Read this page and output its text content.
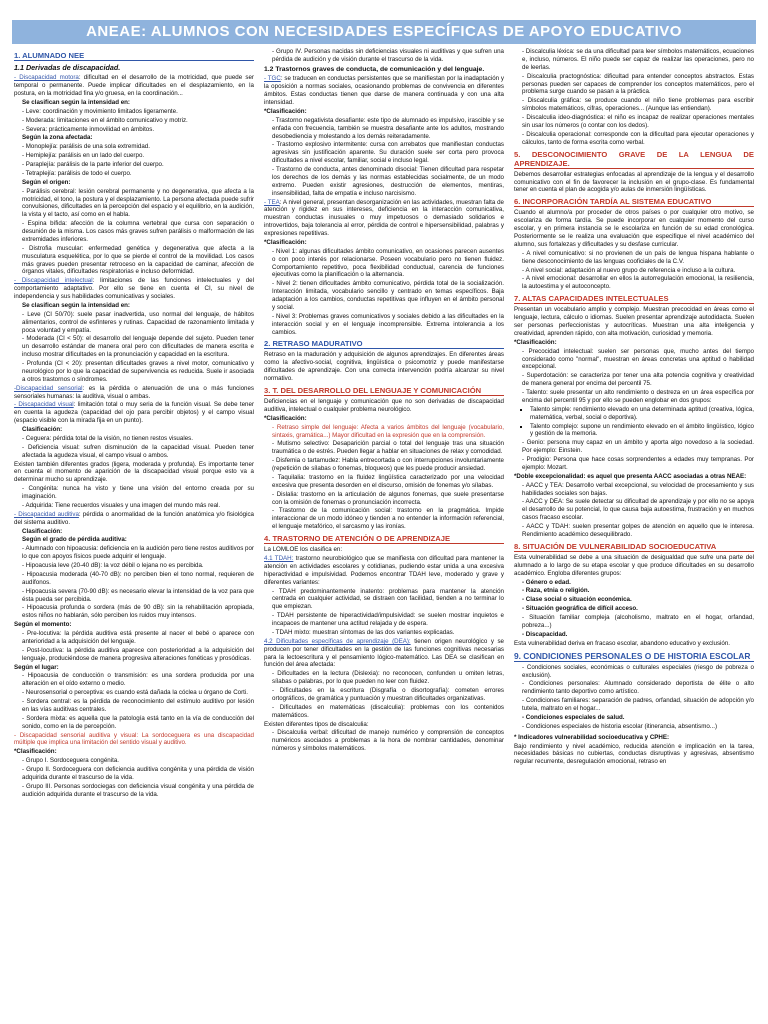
ANEAE: ALUMNOS CON NECESIDADES ESPECÍFICAS DE APOYO EDUCATIVO
1. ALUMNADO NEE
1.1 Derivadas de discapacidad.

- Discapacidad motora: dificultad en el desarrollo de la motricidad, que puede ser temporal o permanente. Puede implicar dificultades en el desplazamiento, en la postura, en la motricidad fina y/o gruesa, en la coordinación...

▪ Se clasifican según la intensidad en:
- Leve: coordinación y movimiento limitados ligeramente.
- Moderada: limitaciones en el ámbito comunicativo y motriz.
- Severa: prácticamente inmovilidad en ámbitos.
▪ Según la zona afectada:
- Monoplejía: parálisis de una sola extremidad.
- Hemiplejía: parálisis en un lado del cuerpo.
- Paraplejía: parálisis de la parte inferior del cuerpo.
- Tetraplejía: parálisis de todo el cuerpo.
▪ Según el origen:
- Parálisis cerebral: lesión cerebral permanente y no degenerativa, que afecta a la motricidad, el tono, la postura y el desplazamiento. La persona afectada puede sufrir convulsiones, dificultades en la percepción del espacio y el equilibrio, en la audición, la vista y el tacto, así como en el habla.
- Espina bífida: afección de la columna vertebral que cursa con separación o desunión de la misma. Los casos más graves sufren parálisis o malformación de las extremidades inferiores.
- Distrofia muscular: enfermedad genética y degenerativa que afecta a la musculatura esquelética, por lo que se pierde el control de la movilidad. Los casos más graves pueden presentar retroceso en la capacidad de caminar, afección de órganos vitales, dificultades respiratorias e incluso deformidad.

- Discapacidad intelectual: limitaciones de las funciones intelectuales y del comportamiento adaptativo. Por ello se tiene en cuenta el CI, su nivel de independencia y sus habilidades comunicativas y sociales.

▪ Se clasifican según la intensidad en:
- Leve (CI 50/70): suele pasar inadvertida, uso normal del lenguaje, de hábitos alimentarios, control de esfínteres y rutinas. Capacidad de razonamiento limitada y poca voluntad y empatía.
- Moderada (CI < 50): el desarrollo del lenguaje depende del sujeto. Pueden tener un desarrollo estándar de manera oral pero con dificultades de manera escrita e incluso mostrar dificultades en la pronunciación y capacidad en la escritura.
- Profunda (CI < 20): presentan dificultades graves a nivel motor, comunicativo y neurológico por lo que la capacidad de supervivencia es reducida. Suele ir asociada a otros trastornos o síndromes.

-Discapacidad sensorial: es la pérdida o atenuación de una o más funciones sensoriales humanas: la auditiva, visual o ambas.

- Discapacidad visual: limitación total o muy seria de la función visual. Se debe tener en cuenta la agudeza (capacidad del ojo para percibir objetos) y el campo visual (espacio visible con la mirada fija en un punto).

▪ Clasificación:
- Ceguera: pérdida total de la visión, no tienen restos visuales.
- Deficiencia visual: sufren disminución de la capacidad visual. Pueden tener afectada la agudeza visual, el campo visual o ambos.

Existen también diferentes grados (ligera, moderada y profunda). Es importante tener en cuenta el momento de aparición de la discapacidad visual porque esto va a determinar mucho su aprendizaje.

- Congénita: nunca ha visto y tiene una visión del entorno creada por su imaginación.
- Adquirida: Tiene recuerdos visuales y una imagen del mundo más real.

- Discapacidad auditiva: pérdida o anormalidad de la función anatómica y/o fisiológica del sistema auditivo.

▪ Clasificación:
▪ Según el grado de pérdida auditiva:
- Alumnado con hipoacusia: deficiencia en la audición pero tiene restos auditivos por lo que con apoyos físicos puede adquirir el lenguaje.
- Hipoacusia leve (20-40 dB): la voz débil o lejana no es percibida.
- Hipoacusia moderada (40-70 dB): no perciben bien el tono normal, requieren de audífonos.
- Hipoacusia severa (70-90 dB): es necesario elevar la intensidad de la voz para que ésta pueda ser percibida.
- Hipoacusia profunda o sordera (más de 90 dB): sin la rehabilitación apropiada, estos niños no hablarán, sólo perciben los ruidos muy intensos.

Según el momento:

- Pre-locutiva: la pérdida auditiva está presente al nacer el bebé o aparece con anterioridad a la adquisición del lenguaje.
- Post-locutiva: la pérdida auditiva aparece con posterioridad a la adquisición del lenguaje, produciéndose de manera progresiva alteraciones fonéticas y prosódicas.

Según el lugar:

- Hipoacusia de conducción o transmisión: es una sordera producida por una alteración en el oído externo o medio.
- Neurosensorial o perceptiva: es cuando está dañada la cóclea u órgano de Corti.
- Sordera central: es la pérdida de reconocimiento del estímulo auditivo por lesión en las vías auditivas centrales.
- Sordera mixta: es aquella que la patología está tanto en la vía de conducción del sonido, como en la de percepción.

- Discapacidad sensorial auditiva y visual: La sordoceguera es una discapacidad múltiple que implica una limitación del sentido visual y auditivo.

*Clasificación:

- Grupo I. Sordoceguera congénita.
- Grupo II. Sordoceguera con deficiencia auditiva congénita y una pérdida de visión adquirida durante el trascurso de la vida.
- Grupo III. Personas sordociegas con deficiencia visual congénita y una pérdida de audición adquirida durante el trascurso de la vida.
- Grupo IV. Personas nacidas sin deficiencias visuales ni auditivas y que sufren una pérdida de audición y de visión durante el trascurso de la vida.
1.2 Trastornos graves de conducta, de comunicación y del lenguaje.

- TGC: se traducen en conductas persistentes que se manifiestan por la inadaptación y la oposición a normas sociales, ocasionando problemas de convivencia en diferentes ámbitos. Estas conductas tienen que darse de manera continuada y con una alta intensidad.

*Clasificación:

- Trastorno negativista desafiante: este tipo de alumnado es impulsivo, irascible y se enfada con frecuencia, también se muestra desafiante ante los adultos, mostrando desobediencia y molestando a los demás reiteradamente.
- Trastorno explosivo intermitente: cursa con arrebatos que manifiestan conductas agresivas sin justificación aparente. Su duración suele ser corta pero provoca dificultades a nivel escolar, familiar, social e incluso legal.
- Trastorno de conducta, antes denominado disocial: Tienen dificultad para respetar los derechos de los demás y las normas establecidas socialmente, de un modo extremo. Pueden existir agresiones, destrucción de elementos, mentiras, insensibilidad, falta de empatía e incluso narcisismo.

- TEA: A nivel general, presentan desorganización en las actividades, muestran falta de atención y rigidez en sus intereses, deficiencia en la interacción comunicativa, muestran conductas inusuales o muy impetuosos o demasiado solidarios e introvertidos, baja tolerancia al error, pérdida de control e hipersensibilidad, palabras y expresiones repetitivas.

*Clasificación:

- Nivel 1: algunas dificultades ámbito comunicativo, en ocasiones parecen ausentes o con poco interés por relacionarse. Poseen vocabulario pero no tienen fluidez. Comportamiento repetitivo, poca flexibilidad conductual, carencia de funciones ejecutivas como la planificación o la alternancia.
- Nivel 2: tienen dificultades ámbito comunicativo, pérdida total de la socialización. Interacción limitada, vocabulario sencillo y centrado en temas específicos. Baja adaptación a los cambios, conductas repetitivas que influyen en el ámbito personal y social.
- Nivel 3: Problemas graves comunicativos y sociales debido a las dificultades en la interacción social y en el lenguaje incomprensible. Extrema intolerancia a los cambios.
2. RETRASO MADURATIVO

Retraso en la maduración y adquisición de algunos aprendizajes. En diferentes áreas como la afectivo-social, cognitiva, lingüística o psicomotriz y puede manifestarse dificultades de aprendizaje. Con una correcta intervención podría alcanzar su nivel normativo.

3. T. DEL DESARROLLO DEL LENGUAJE Y COMUNICACIÓN

Deficiencias en el lenguaje y comunicación que no son derivadas de discapacidad auditiva, intelectual o cualquier problema neurológico.

*Clasificación:

- Retraso simple del lenguaje: Afecta a varios ámbitos del lenguaje (vocabulario, sintaxis, gramática...) Mayor dificultad en la expresión que en la comprensión.
- Mutismo selectivo: Desaparición parcial o total del lenguaje tras una situación traumática o de estrés. Pueden llegar a hablar en situaciones de relax y comodidad.
- Disfemia o tartamudez: Habla entrecortada o con interrupciones involuntariamente (repetición de sílabas o fonemas, bloqueos) que les puede producir ansiedad.
- Taquilalia: trastorno en la fluidez lingüística caracterizado por una velocidad excesiva que presenta desorden en el discurso, omisión de fonemas y/o sílabas.
- Dislalia: trastorno en la articulación de algunos fonemas, que suele presentarse con la omisión de fonemas o pronunciación incorrecta.
- Trastorno de la comunicación social: trastorno en la pragmática. Impide interaccionar de un modo idóneo y tienden a no entender la información referencial, el lenguaje metafórico, el sarcasmo y las ironías.
4. TRASTORNO DE ATENCIÓN O DE APRENDIZAJE

La LOMLOE los clasifica en:

4.1 TDAH: trastorno neurobiológico que se manifiesta con dificultad para mantener la atención en actividades escolares y cotidianas, pudiendo estar unida a una excesiva hiperactividad e impulsividad. Podemos encontrar TDAH leve, moderado y grave y diferentes variantes:

- TDAH predominantemente inatento: problemas para mantener la atención centrada en cualquier actividad, se distraen con facilidad, tienden a no terminar lo que empiezan.
- TDAH persistente de hiperactividad/impulsividad: se suelen mostrar inquietos e incapaces de mantener una actitud relajada y de espera.
- TDAH mixto: muestran síntomas de las dos variantes explicadas.

4.2 Dificultades específicas de aprendizaje (DEA): tienen origen neurológico y se producen por tener dificultades en la gestión de las funciones cognitivas necesarias para la lectoescritura y el pensamiento lógico-matemático. Las DEA se clasifican en función del área afectada:

- Dificultades en la lectura (Dislexia): no reconocen, confunden u omiten letras, sílabas o palabras, por lo que pueden no leer con fluidez.
- Dificultades en la escritura (Disgrafía o disortografía): cometen errores ortográficos, de gramática y puntuación y muestran dificultades organizativas.
- Dificultades en matemáticas (discalculia): problemas con los contenidos matemáticos.

Existen diferentes tipos de discalculia:

- Discalculia verbal: dificultad de manejo numérico y comprensión de conceptos numéricos asociados a problemas a la hora de nombrar cantidades, denominar números y símbolos matemáticos.
- Discalculia léxica: se da una dificultad para leer símbolos matemáticos, ecuaciones e, incluso, números. El niño puede ser capaz de realizar las operaciones, pero no de leerlas.
- Discalculia practognóstica: dificultad para entender conceptos abstractos. Estas personas pueden ser capaces de comprender los conceptos matemáticos, pero el problema surge cuando se pasan a la práctica.
- Discalculia gráfica: se produce cuando el niño tiene problemas para escribir símbolos matemáticos, cifras, operaciones... (Aunque las entiendan).
- Discalculia ideo-diagnóstica: el niño es incapaz de realizar operaciones mentales sin usar los números (o contar con los dedos).
- Discalculia operacional: corresponde con la dificultad para ejecutar operaciones y cálculos, tanto de forma escrita como verbal.
5. DESCONOCIMIENTO GRAVE DE LA LENGUA DE APRENDIZAJE.

Debemos desarrollar estrategias enfocadas al aprendizaje de la lengua y el desarrollo comunicativo con el fin de favorecer la inclusión en el grupo-clase. Es fundamental tener en cuenta el plan de acogida y/o aulas de inmersión lingüísticas.

6. INCORPORACIÓN TARDÍA AL SISTEMA EDUCATIVO

Cuando el alumno/a por proceder de otros países o por cualquier otro motivo, se escolariza de forma tardía. Se puede incorporar en cualquier momento del curso escolar, y en primera instancia se le escolariza en función de su edad cronológica. Posteriormente se le realiza una evaluación que especifique el nivel académico del alumno, sus fortalezas y dificultades y su desfase curricular.

- A nivel comunicativo: si no provienen de un país de lengua hispana hablante o tiene desconocimiento de las lenguas cooficiales de la C.V.
- A nivel social: adaptación al nuevo grupo de referencia e incluso a la cultura.
- A nivel emocional: desarrollar en ellos la autorregulación emocional, la resiliencia, la autoestima y el autoconcepto.
7. ALTAS CAPACIDADES INTELECTUALES

Presentan un vocabulario amplio y complejo. Muestran precocidad en áreas como el lenguaje, lectura, cálculo o idiomas. Suelen presentar aprendizaje autodidacta. Suelen ser personas perfeccionistas y autocríticas. Muestran una alta inteligencia y creatividad, aprenden rápido, con alta motivación, curiosidad y memoria.

*Clasificación:

- Precocidad intelectual: suelen ser personas que, mucho antes del tiempo considerado como "normal", muestran en áreas concretas una aptitud o habilidad excepcional.
- Superdotación: se caracteriza por tener una alta potencia cognitiva y creatividad de manera general por encima del percentil 75.
- Talento: suele presentar un alto rendimiento o destreza en un área específica por encima del percentil 95 y por ello se pueden englobar en dos grupos:
▪ Talento simple: rendimiento elevado en una determinada aptitud (creativa, lógica, matemática, verbal, social o deportiva).
▪ Talento complejo: supone un rendimiento elevado en el ámbito lingüístico, lógico y gestión de la memoria.
- Genio: persona muy capaz en un ámbito y aporta algo novedoso a la sociedad. Por ejemplo: Einstein.
- Prodigio: Persona que hace cosas sorprendentes a edades muy tempranas. Por ejemplo: Mozart.

*Doble excepcionalidad: es aquel que presenta AACC asociadas a otras NEAE:

- AACC y TEA: Desarrollo verbal excepcional, su velocidad de procesamiento y sus habilidades sociales son bajas.
- AACC y DEA: Se suele detectar su dificultad de aprendizaje y por ello no se apoya el desarrollo de su potencial, lo que causa baja autoestima, frustración y en muchos casos fracaso escolar.
- AACC y TDAH: suelen presentar golpes de atención en aquello que le interesa. Rendimiento académico desequilibrado.
8. SITUACIÓN DE VULNERABILIDAD SOCIOEDUCATIVA

Esta vulnerabilidad se debe a una situación de desigualdad que sufre una parte del alumnado a lo largo de su etapa escolar y que produce dificultades en su desarrollo académico. Engloba diferentes grupos:

- Género o edad.
- Raza, etnia o religión.
- Clase social o situación económica.
- Situación geográfica de difícil acceso.
- Situación familiar compleja (alcoholismo, maltrato en el hogar, orfandad, pobreza...)
- Discapacidad.

Esta vulnerabilidad deriva en fracaso escolar, abandono educativo y exclusión.

9. CONDICIONES PERSONALES O DE HISTORIA ESCOLAR
- Condiciones sociales, económicas o culturales especiales (riesgo de pobreza o exclusión).
- Condiciones personales: Alumnado considerado deportista de élite o alto rendimiento tanto deportivo como artístico.
- Condiciones familiares: separación de padres, orfandad, situación de adopción y/o tutela, maltrato en el hogar...
- Condiciones especiales de salud.
- Condiciones especiales de historia escolar (itinerancia, absentismo...)

* Indicadores vulnerabilidad socioeducativa y CPHE:

Bajo rendimiento y nivel académico, reducida atención e implicación en la tarea, necesidades básicas no cubiertas, conductas disruptivas y agresivas, absentismo regular recurrente, desregulación emocional, retraso en
